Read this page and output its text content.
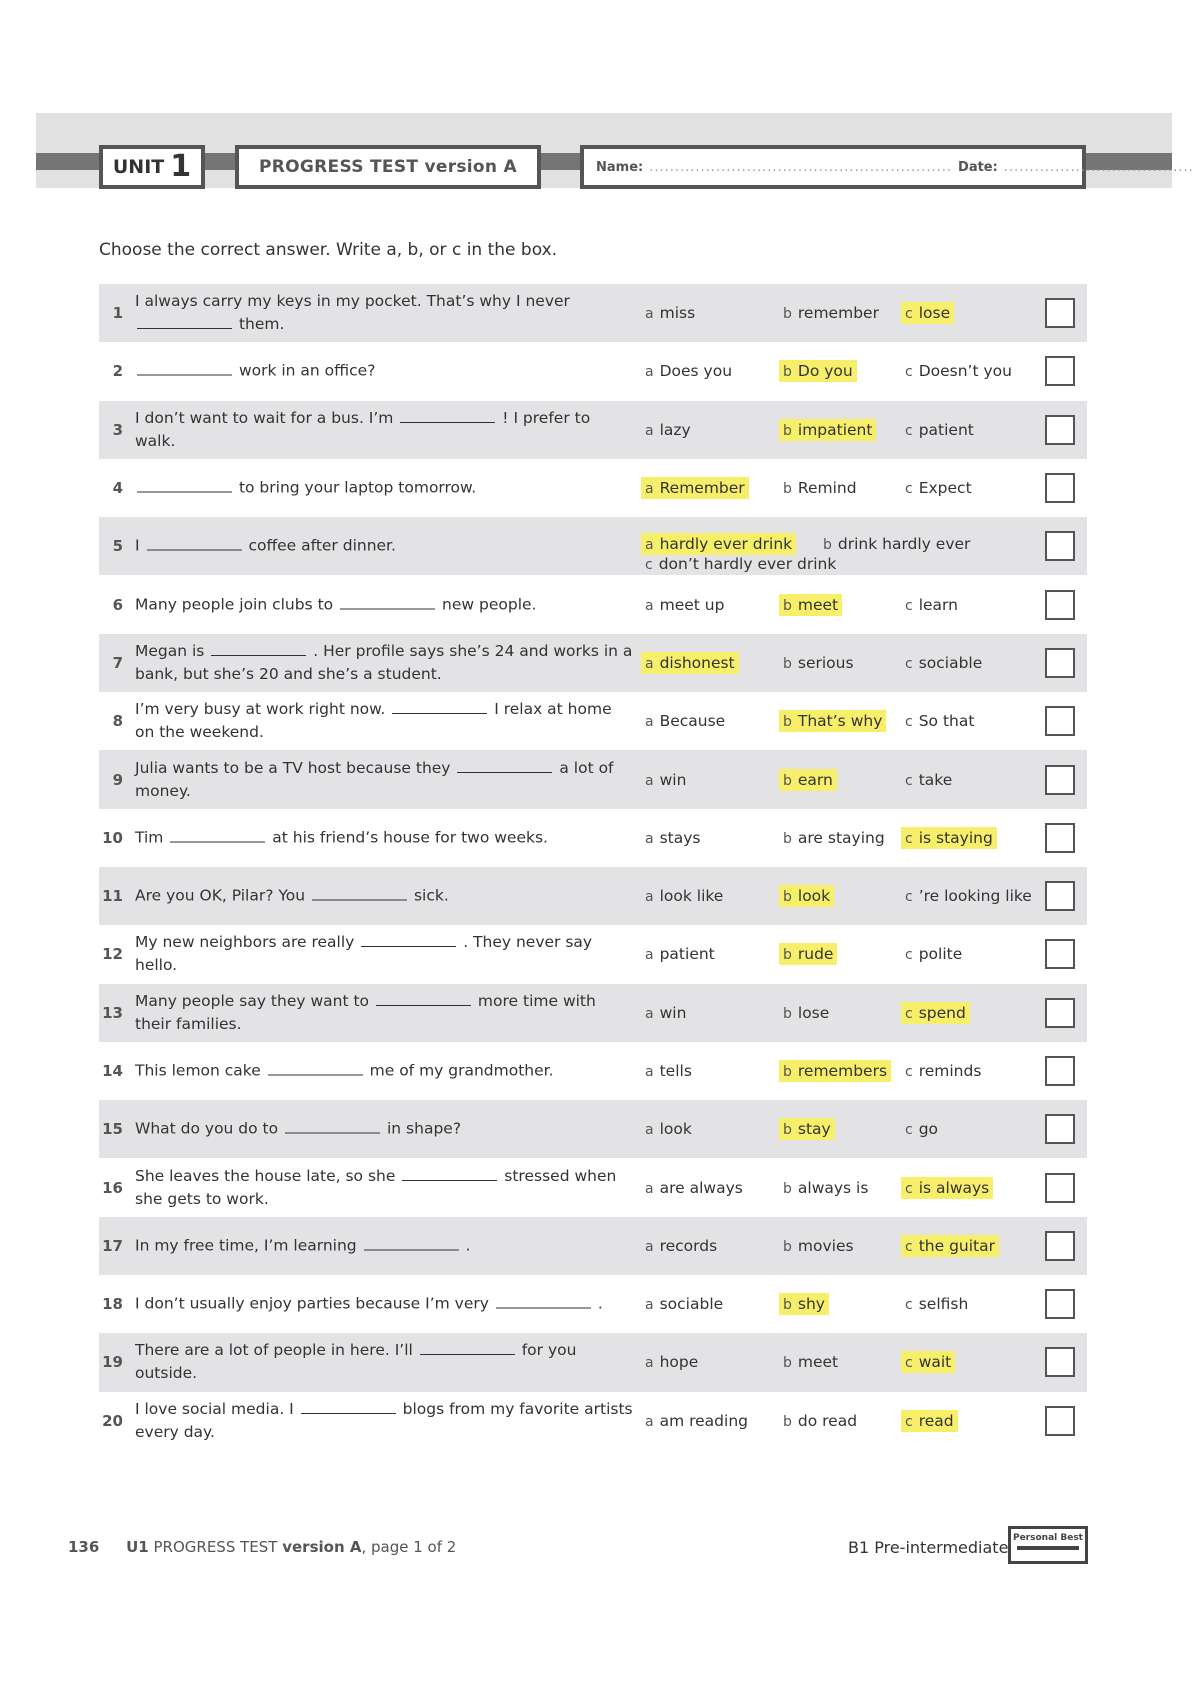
UNIT 1	PROGRESS TEST version A	Name: ........................................................... Date: .....................................
Choose the correct answer. Write a, b, or c in the box.
1
I always carry my keys in my pocket. That’s why I never  them.
a miss	b remember c lose
2	work in an office?	a Does you	b Do you	c Doesn’t you
3
I don’t want to wait for a bus. I’m	! I prefer to walk.
a lazy	b impatient c patient
4	to bring your laptop tomorrow.	a Remember	b Remind	c Expect
5 I	coffee after dinner.	a hardly ever drink b drink hardly ever
c don’t hardly ever drink
6 Many people join clubs to	new people.	a meet up	b meet	c learn
7
Megan is	. Her profile says she’s 24 and works in a bank, but she’s 20 and she’s a student.
a dishonest	b serious	c sociable
8
I’m very busy at work right now.	I relax at home on the weekend.
a Because	b That’s why c So that
9
Julia wants to be a TV host because they	a lot of money.
a win	b earn	c take
10 Tim	at his friend’s house for two weeks.	a stays	b are staying c is staying
11 Are you OK, Pilar? You	sick.	a look like	b look	c ’re looking like
12
My new neighbors are really	. They never say hello.
a patient	b rude	c polite
13
Many people say they want to	more time with their families.
a win	b lose	c spend
14 This lemon cake	me of my grandmother.	a tells	b remembers c reminds
15 What do you do to	in shape?	a look	b stay	c go
16
She leaves the house late, so she	stressed when she gets to work.
a are always	b always is	c is always
17 In my free time, I’m learning	.	a records	b movies	c the guitar
18 I don’t usually enjoy parties because I’m very	.	a sociable	b shy	c selfish
19
There are a lot of people in here. I’ll	for you outside.
a hope	b meet	c wait
20
I love social media. I	blogs from my favorite artists every day.
a am reading	b do read	c read
136 U1 PROGRESS TEST version A, page 1 of 2	B1 Pre-intermediate Personal Best
